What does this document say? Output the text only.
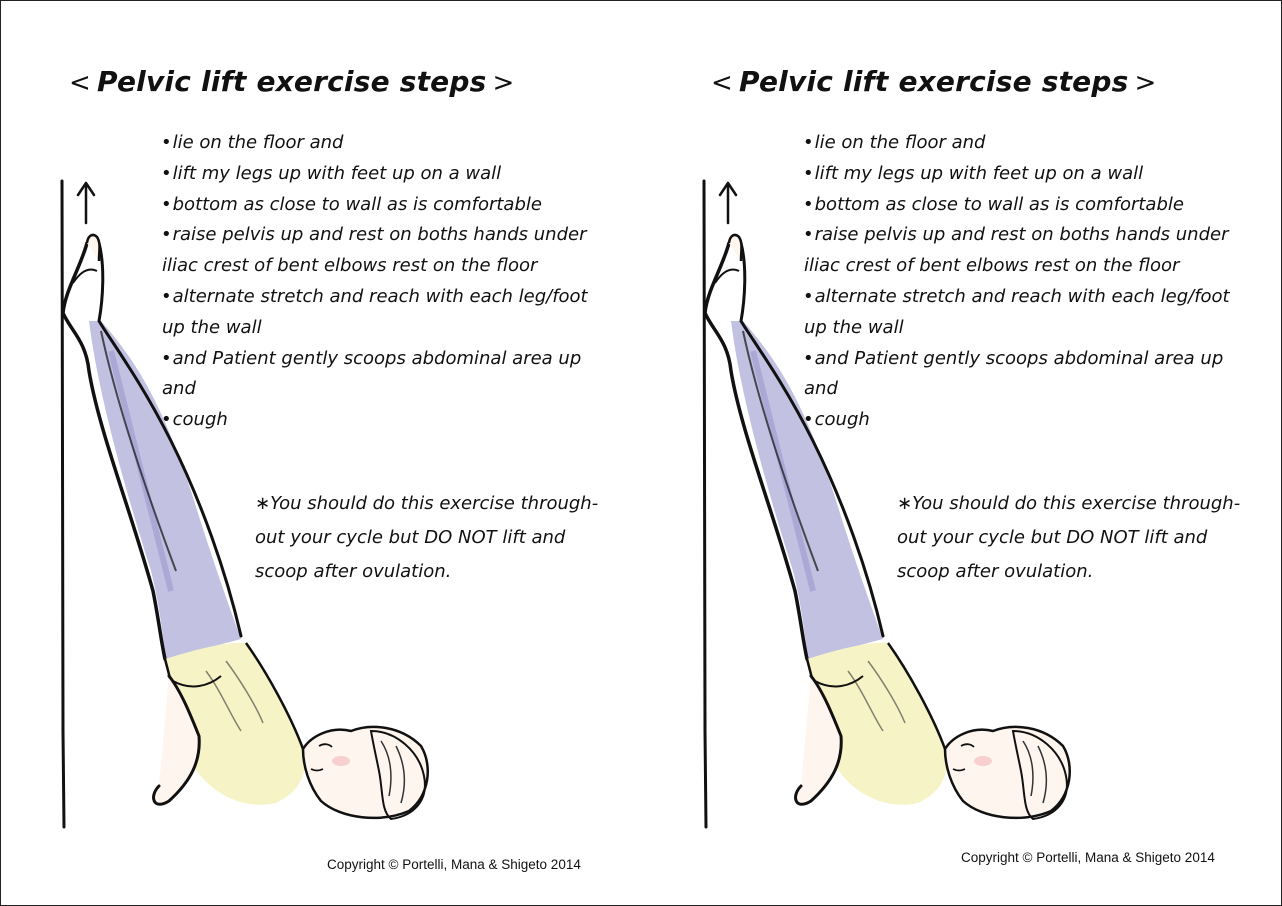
< Pelvic lift exercise steps >
•lie on the floor and
•lift my legs up with feet up on a wall
•bottom as close to wall as is comfortable
•raise pelvis up and rest on boths hands under
iliac crest of bent elbows rest on the floor
•alternate stretch and reach with each leg/foot
up the wall
•and Patient gently scoops abdominal area up
and
•cough
∗You should do this exercise through-
out your cycle but DO NOT lift and
scoop after ovulation.
Copyright © Portelli, Mana & Shigeto 2014
< Pelvic lift exercise steps >
•lie on the floor and
•lift my legs up with feet up on a wall
•bottom as close to wall as is comfortable
•raise pelvis up and rest on boths hands under
iliac crest of bent elbows rest on the floor
•alternate stretch and reach with each leg/foot
up the wall
•and Patient gently scoops abdominal area up
and
•cough
∗You should do this exercise through-
out your cycle but DO NOT lift and
scoop after ovulation.
Copyright © Portelli, Mana & Shigeto 2014
